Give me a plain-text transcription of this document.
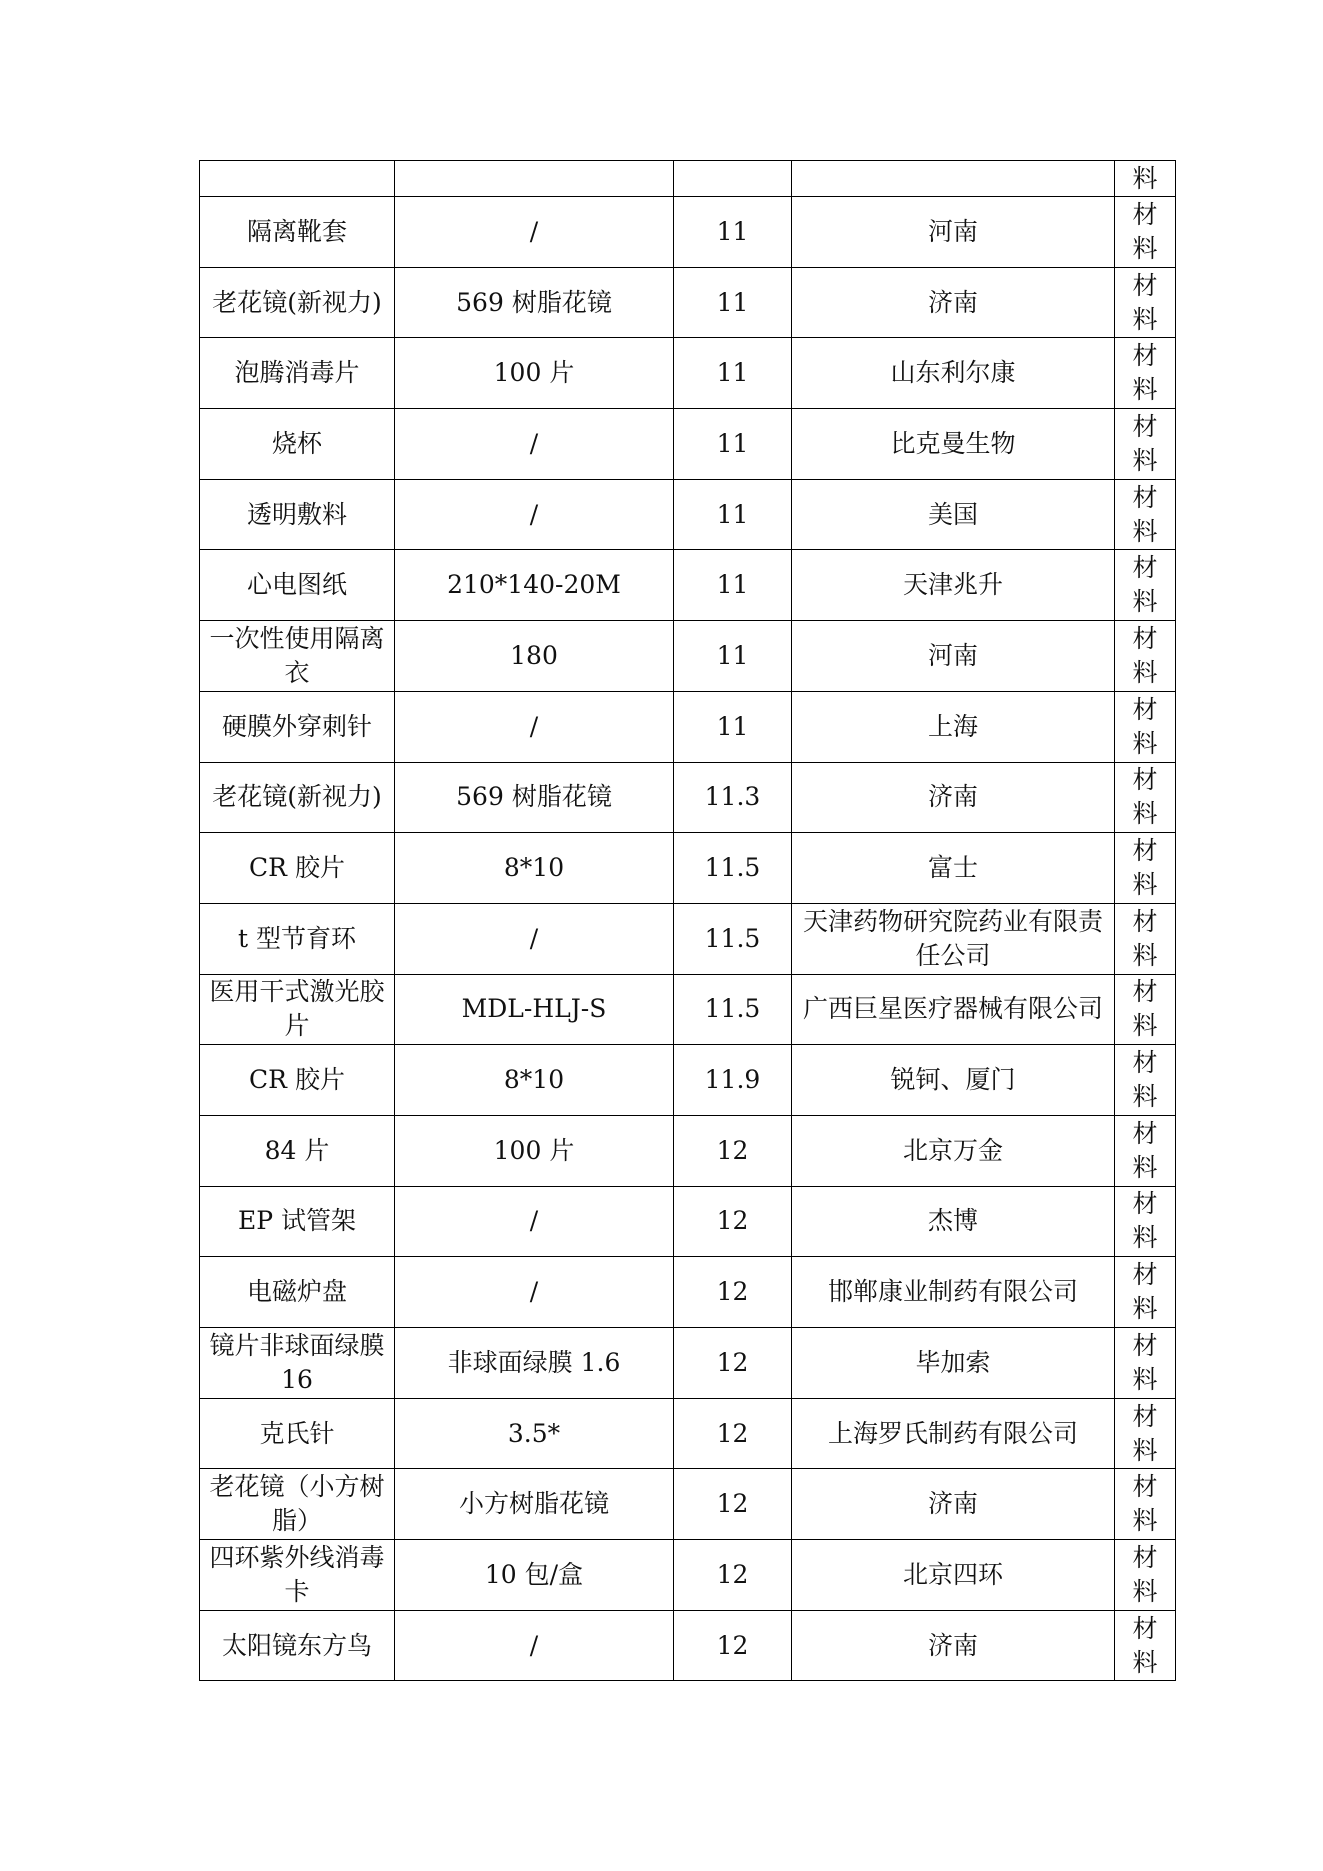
				料

隔离靴套	/	11	河南	材料

老花镜(新视力)	569 树脂花镜	11	济南	材料

泡腾消毒片	100 片	11	山东利尔康	材料

烧杯	/	11	比克曼生物	材料

透明敷料	/	11	美国	材料

心电图纸	210*140-20M	11	天津兆升	材料

一次性使用隔离衣	180	11	河南	材料

硬膜外穿刺针	/	11	上海	材料

老花镜(新视力)	569 树脂花镜	11.3	济南	材料

CR 胶片	8*10	11.5	富士	材料

t 型节育环	/	11.5	天津药物研究院药业有限责任公司	材料

医用干式激光胶片	MDL-HLJ-S	11.5	广西巨星医疗器械有限公司	材料

CR 胶片	8*10	11.9	锐钶、厦门	材料

84 片	100 片	12	北京万金	材料

EP 试管架	/	12	杰博	材料

电磁炉盘	/	12	邯郸康业制药有限公司	材料

镜片非球面绿膜 16	非球面绿膜 1.6	12	毕加索	材料

克氏针	3.5*	12	上海罗氏制药有限公司	材料

老花镜（小方树脂）	小方树脂花镜	12	济南	材料

四环紫外线消毒卡	10 包/盒	12	北京四环	材料

太阳镜东方鸟	/	12	济南	材料
